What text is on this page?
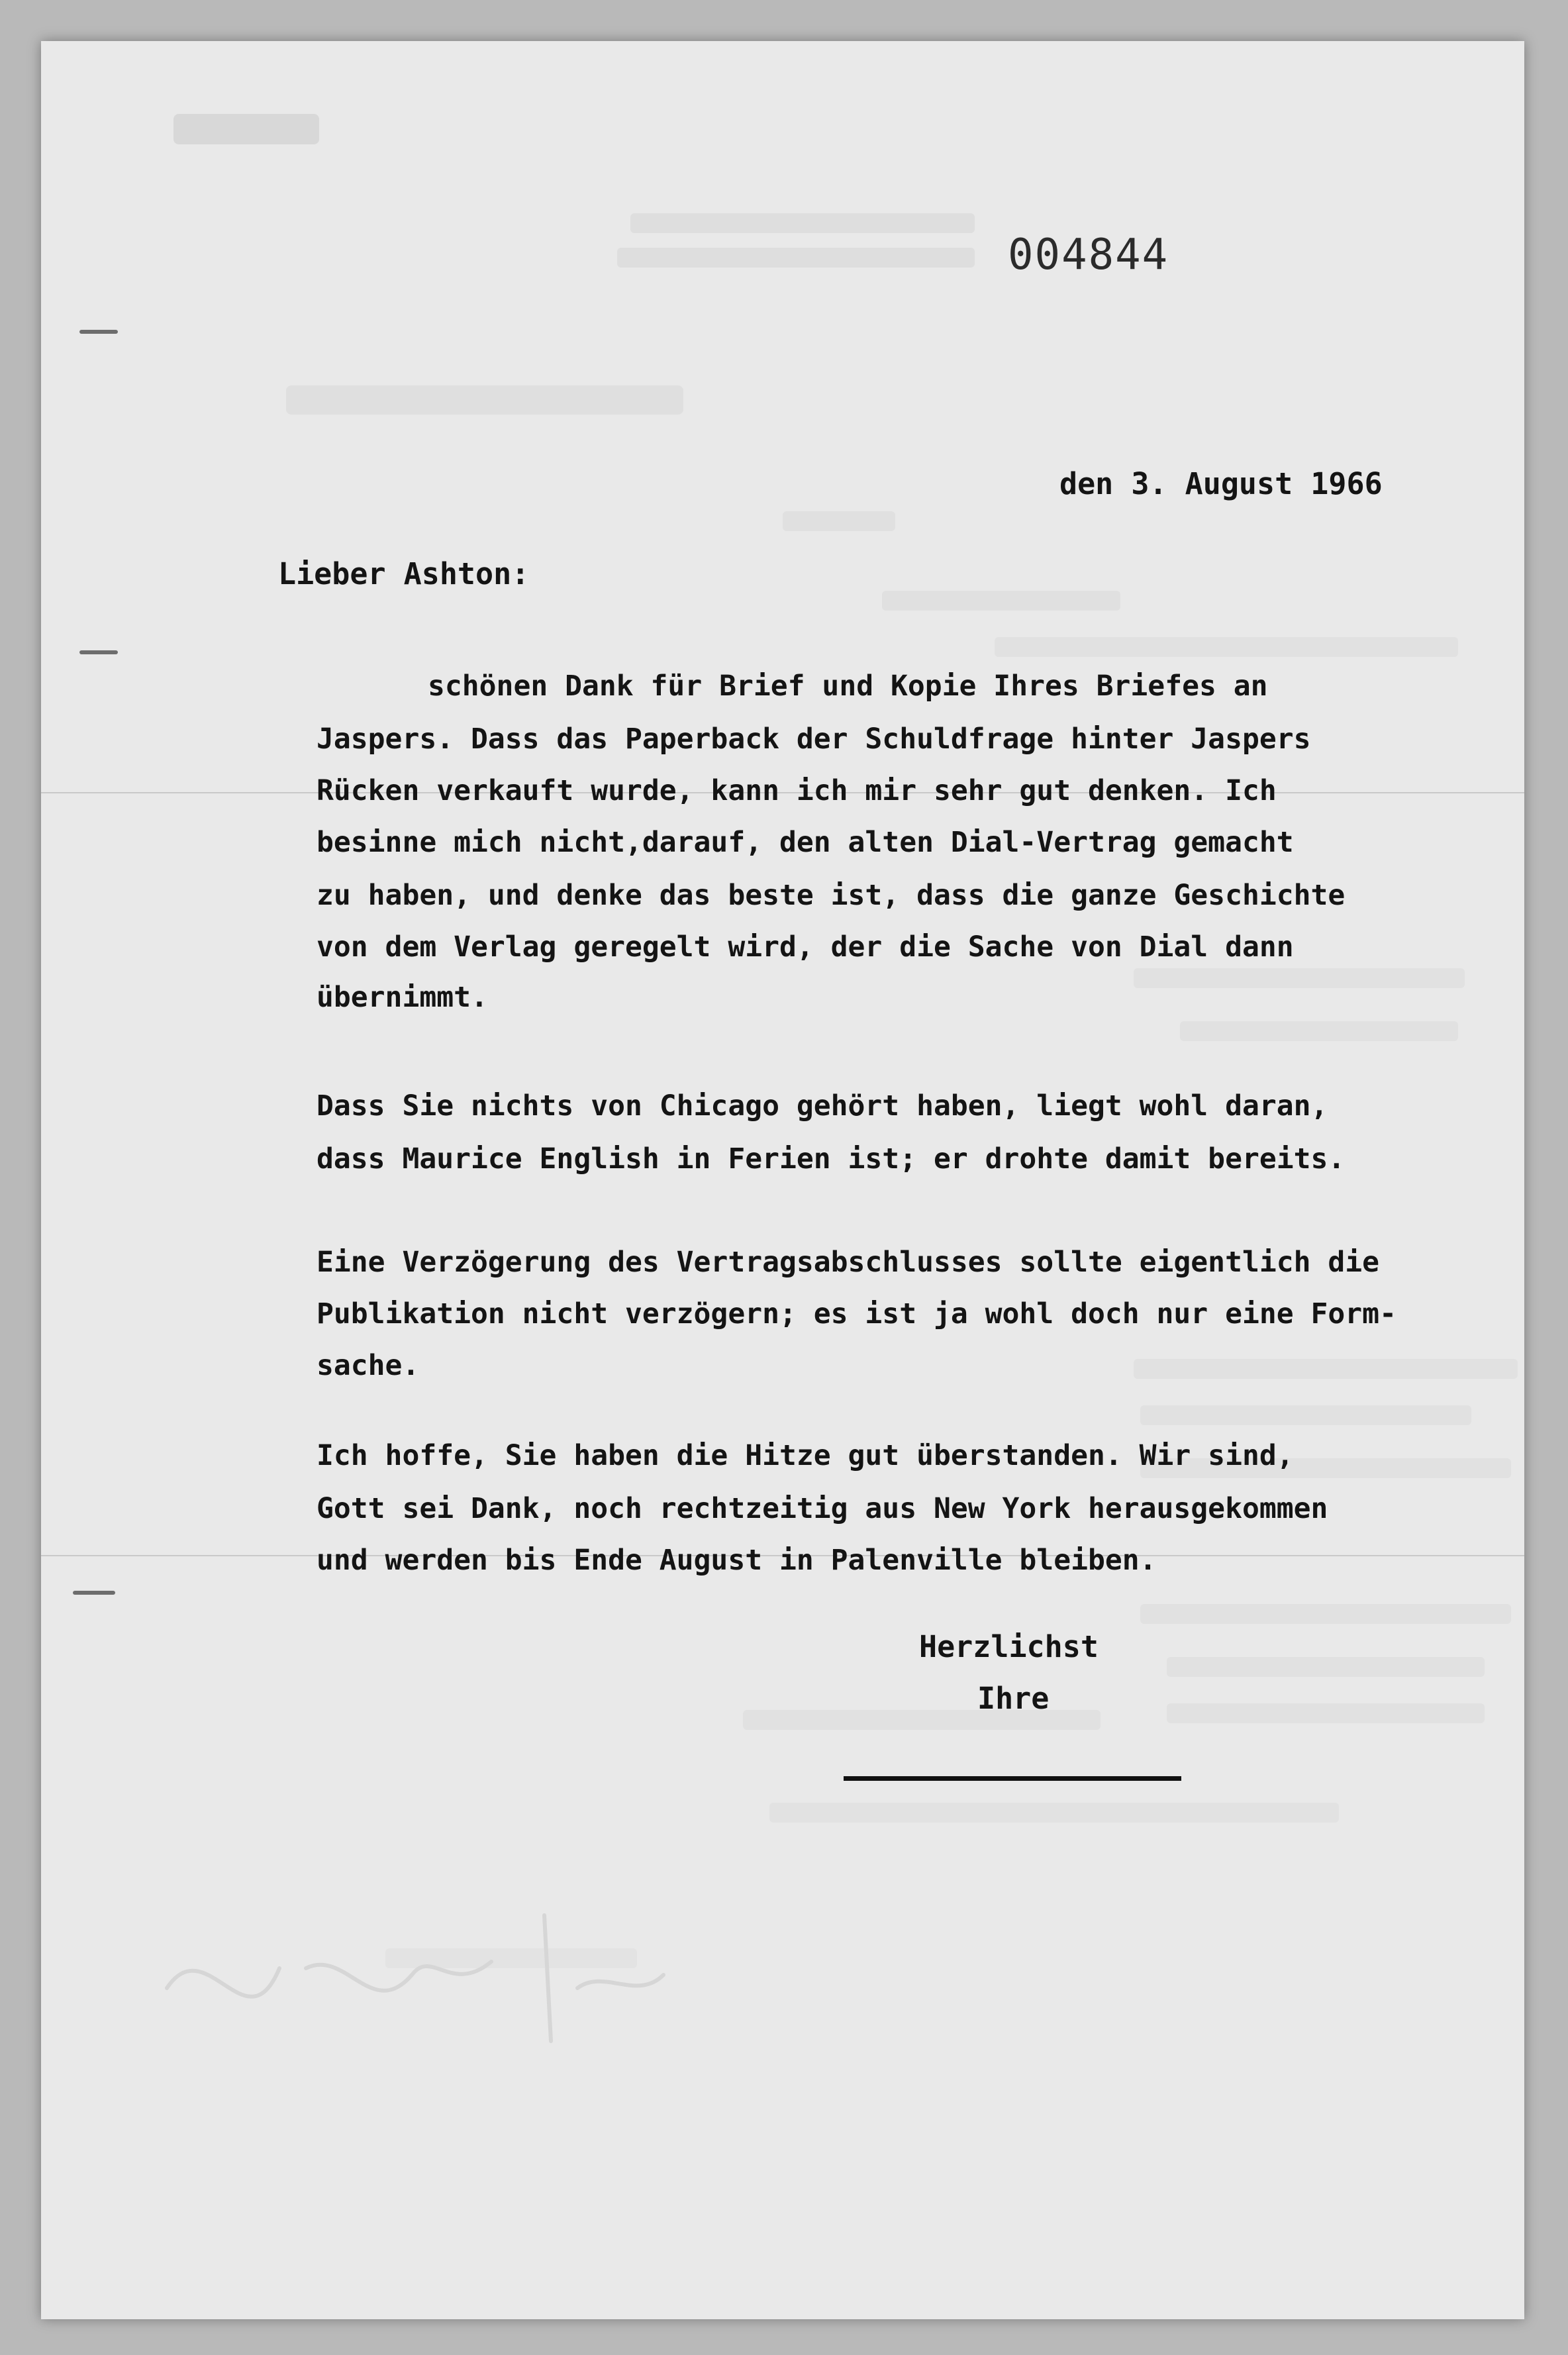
004844
den 3. August 1966
Lieber Ashton:
schönen Dank für Brief und Kopie Ihres Briefes an
Jaspers. Dass das Paperback der Schuldfrage hinter Jaspers
Rücken verkauft wurde, kann ich mir sehr gut denken. Ich
besinne mich nicht,darauf, den alten Dial-Vertrag gemacht
zu haben, und denke das beste ist, dass die ganze Geschichte
von dem Verlag geregelt wird, der die Sache von Dial dann
übernimmt.
Dass Sie nichts von Chicago gehört haben, liegt wohl daran,
dass Maurice English in Ferien ist; er drohte damit bereits.
Eine Verzögerung des Vertragsabschlusses sollte eigentlich die
Publikation nicht verzögern; es ist ja wohl doch nur eine Form-
sache.
Ich hoffe, Sie haben die Hitze gut überstanden. Wir sind,
Gott sei Dank, noch rechtzeitig aus New York herausgekommen
und werden bis Ende August in Palenville bleiben.
Herzlichst
Ihre
